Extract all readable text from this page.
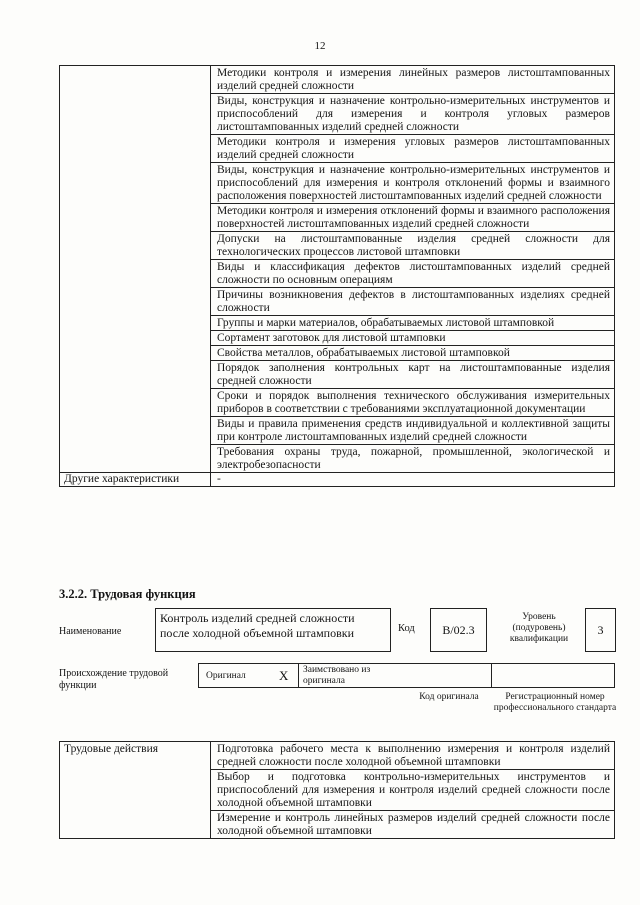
12
	Методики контроля и измерения линейных размеров листоштампованных изделий средней сложности
	Виды, конструкция и назначение контрольно-измерительных инструментов и приспособлений для измерения и контроля угловых размеров листоштампованных изделий средней сложности
	Методики контроля и измерения угловых размеров листоштампованных изделий средней сложности
	Виды, конструкция и назначение контрольно-измерительных инструментов и приспособлений для измерения и контроля отклонений формы и взаимного расположения поверхностей листоштампованных изделий средней сложности
	Методики контроля и измерения отклонений формы и взаимного расположения поверхностей листоштампованных изделий средней сложности
	Допуски на листоштампованные изделия средней сложности для технологических процессов листовой штамповки
	Виды и классификация дефектов листоштампованных изделий средней сложности по основным операциям
	Причины возникновения дефектов в листоштампованных изделиях средней сложности
	Группы и марки материалов, обрабатываемых листовой штамповкой
	Сортамент заготовок для листовой штамповки
	Свойства металлов, обрабатываемых листовой штамповкой
	Порядок заполнения контрольных карт на листоштампованные изделия средней сложности
	Сроки и порядок выполнения технического обслуживания измерительных приборов в соответствии с требованиями эксплуатационной документации
	Виды и правила применения средств индивидуальной и коллективной защиты при контроле листоштампованных изделий средней сложности
	Требования охраны труда, пожарной, промышленной, экологической и электробезопасности
Другие характеристики	-
3.2.2. Трудовая функция
Наименование
Контроль изделий средней сложности после холодной объемной штамповки	Код	B/02.3
Уровень (подуровень) квалификации
3
Происхождение трудовой функции
Оригинал	X Заимствовано из оригинала
Код оригинала	Регистрационный номер профессионального стандарта
Трудовые действия	Подготовка рабочего места к выполнению измерения и контроля изделий средней сложности после холодной объемной штамповки
Выбор и подготовка контрольно-измерительных инструментов и приспособлений для измерения и контроля изделий средней сложности после холодной объемной штамповки
Измерение и контроль линейных размеров изделий средней сложности после холодной объемной штамповки
